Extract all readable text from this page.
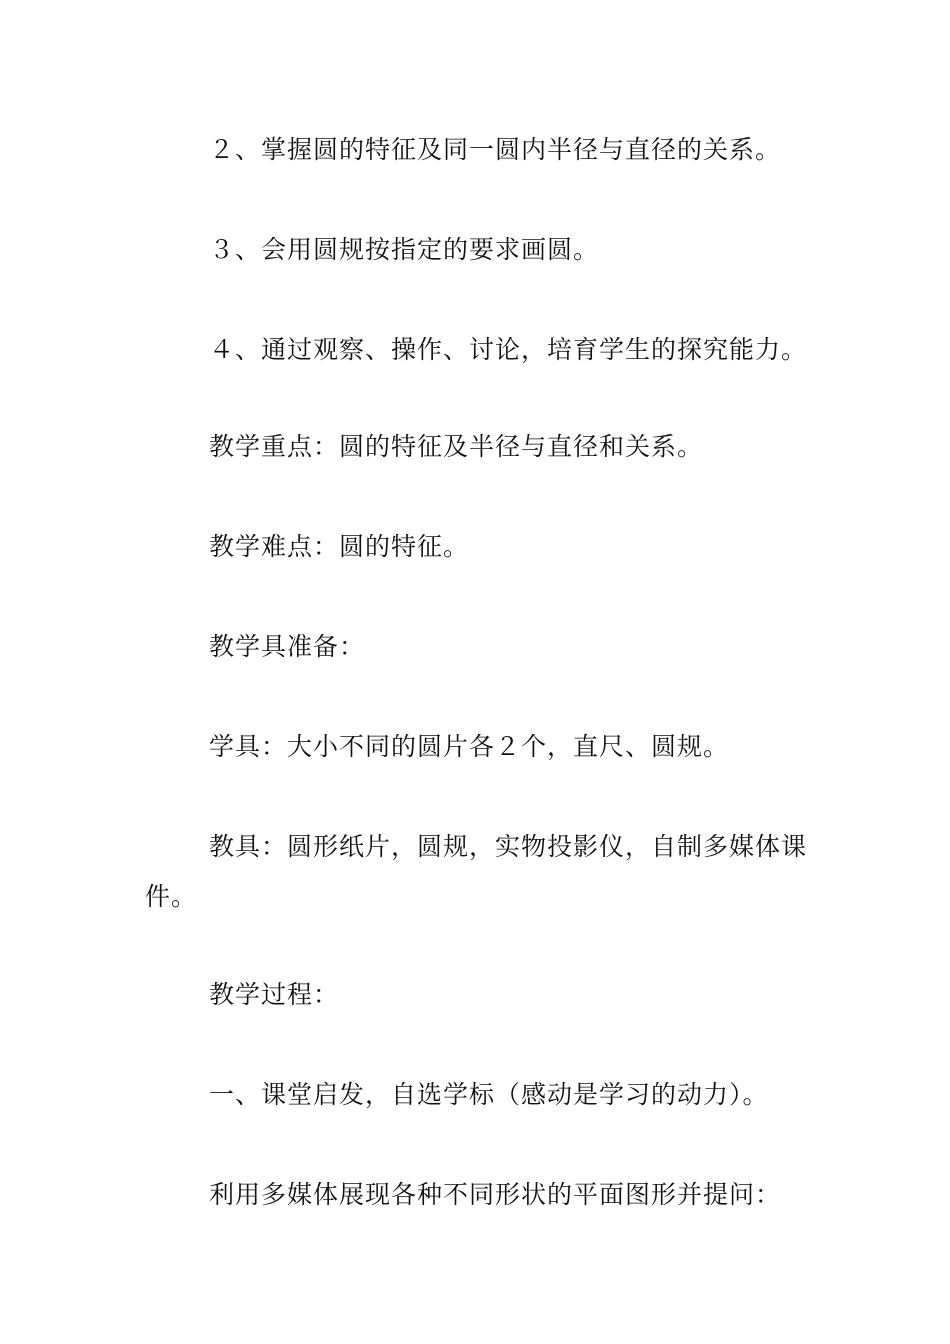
２、掌握圆的特征及同一圆内半径与直径的关系。

３、会用圆规按指定的要求画圆。

４、通过观察、操作、讨论，培育学生的探究能力。

教学重点：圆的特征及半径与直径和关系。

教学难点：圆的特征。

教学具准备：

学具：大小不同的圆片各２个，直尺、圆规。

教具：圆形纸片，圆规，实物投影仪，自制多媒体课件。

教学过程：

一、课堂启发，自选学标（感动是学习的动力）。

利用多媒体展现各种不同形状的平面图形并提问：
